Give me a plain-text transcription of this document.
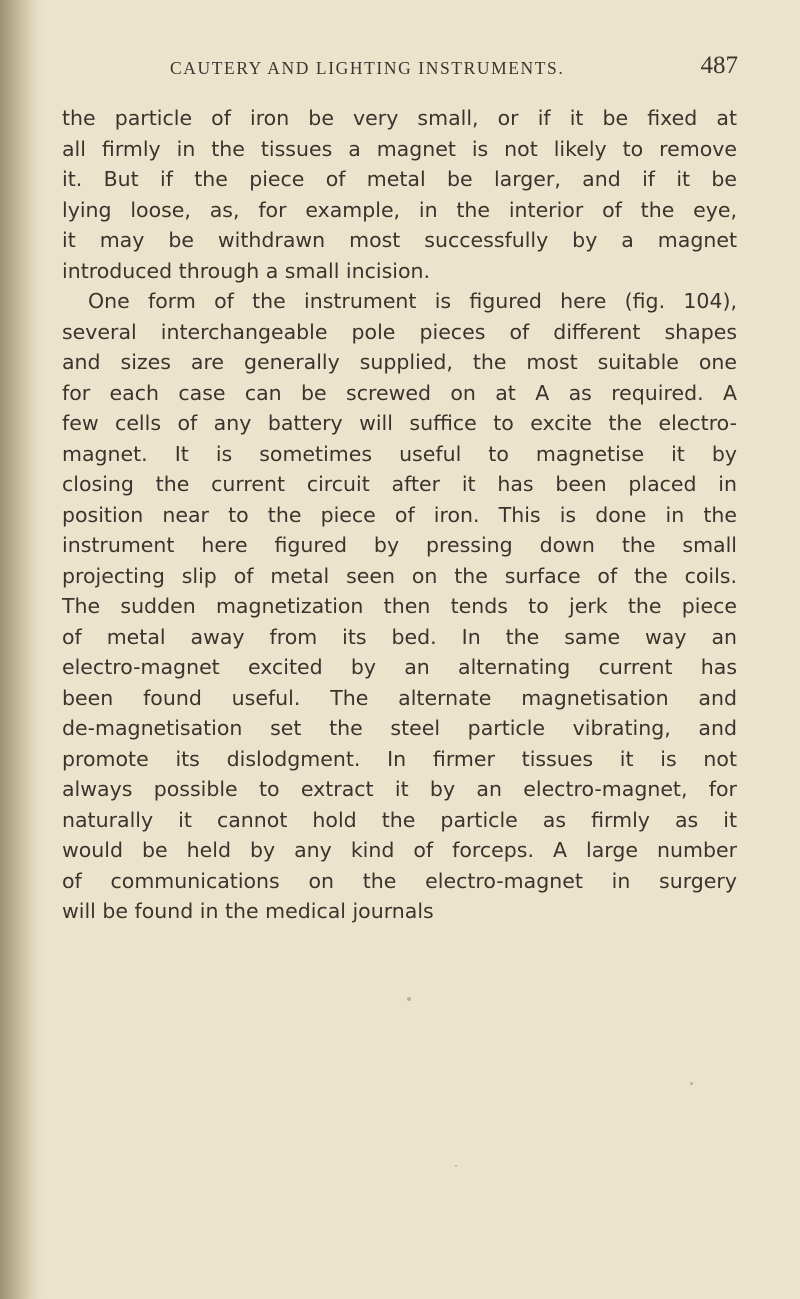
CAUTERY AND LIGHTING INSTRUMENTS.	487
the particle of iron be very small, or if it be fixed at
all firmly in the tissues a magnet is not likely to remove
it. But if the piece of metal be larger, and if it be
lying loose, as, for example, in the interior of the eye,
it may be withdrawn most successfully by a magnet
introduced through a small incision.
One form of the instrument is figured here (fig. 104),
several interchangeable pole pieces of different shapes
and sizes are generally supplied, the most suitable one
for each case can be screwed on at A as required. A
few cells of any battery will suffice to excite the electro-
magnet. It is sometimes useful to magnetise it by
closing the current circuit after it has been placed in
position near to the piece of iron. This is done in the
instrument here figured by pressing down the small
projecting slip of metal seen on the surface of the coils.
The sudden magnetization then tends to jerk the piece
of metal away from its bed. In the same way an
electro-magnet excited by an alternating current has
been found useful. The alternate magnetisation and
de-magnetisation set the steel particle vibrating, and
promote its dislodgment. In firmer tissues it is not
always possible to extract it by an electro-magnet, for
naturally it cannot hold the particle as firmly as it
would be held by any kind of forceps. A large number
of communications on the electro-magnet in surgery
will be found in the medical journals
